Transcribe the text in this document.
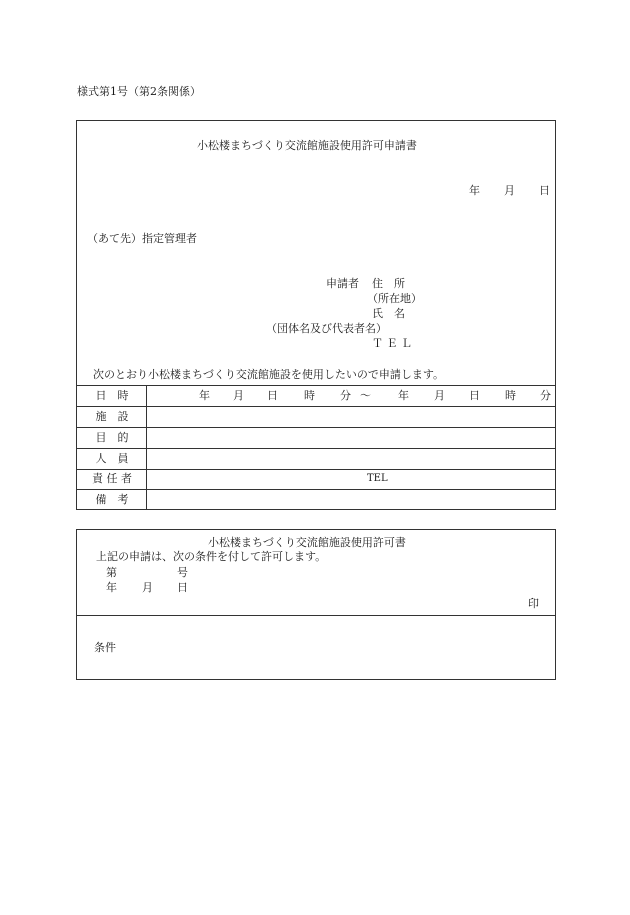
様式第1号（第2条関係）
小松楼まちづくり交流館施設使用許可申請書
年 月 日
（あて先）指定管理者
申請者 住　所
（所在地）
氏　名
（団体名及び代表者名）
Ｔ Ｅ Ｌ
次のとおり小松楼まちづくり交流館施設を使用したいので申請します。
日　時
施　設
目　的
人　員
責 任 者
備　考
年 月 日 時 分 ～ 年 月 日 時 分
TEL
小松楼まちづくり交流館施設使用許可書
上記の申請は、次の条件を付して許可します。
第	号
年 月 日
印
条件
